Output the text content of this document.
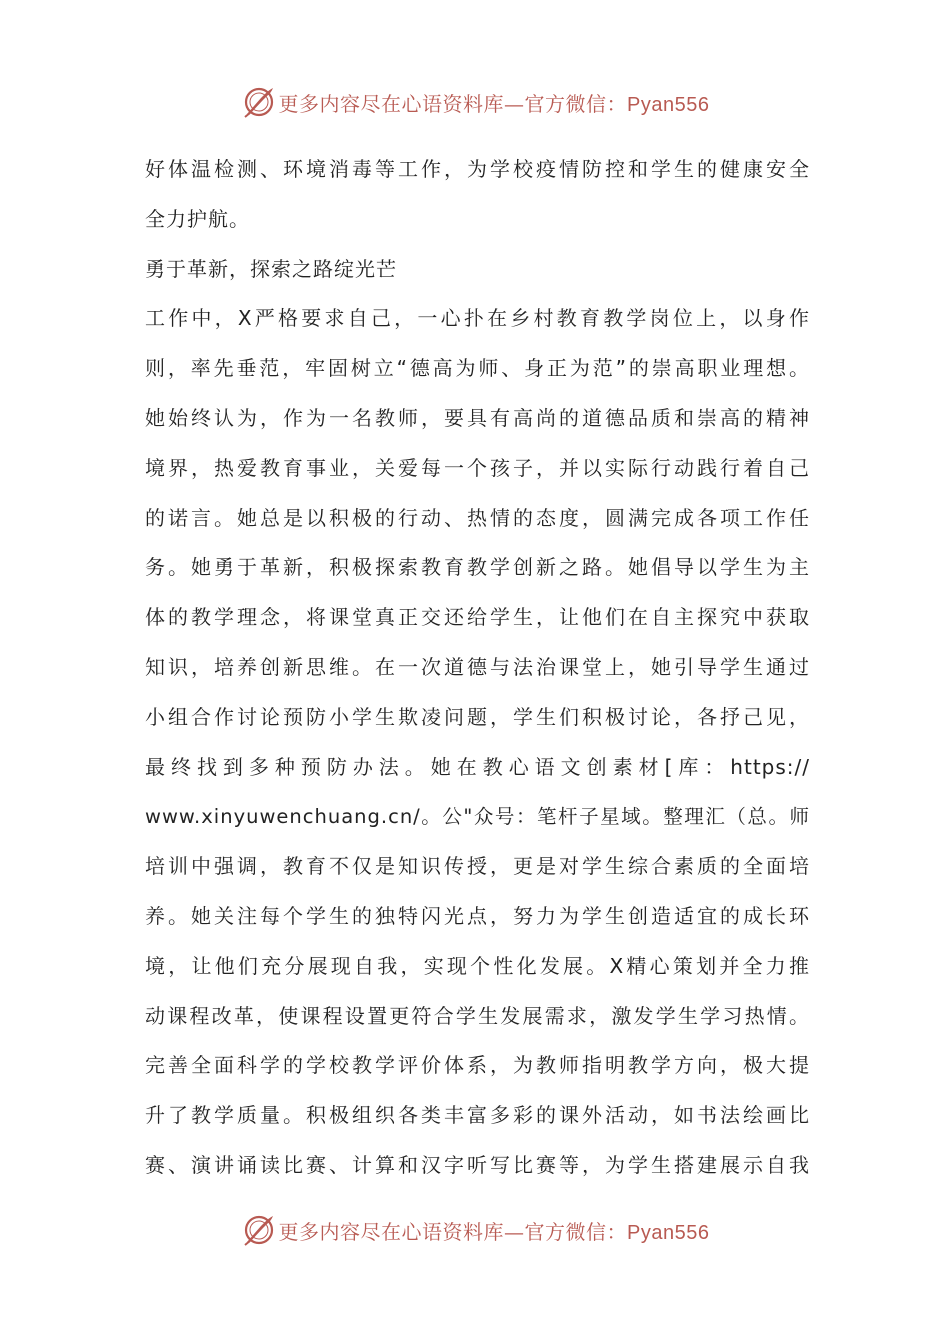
更多内容尽在心语资料库—官方微信：Pyan556
好体温检测、环境消毒等工作，为学校疫情防控和学生的健康安全
全力护航。
勇于革新，探索之路绽光芒
工作中，X严格要求自己，一心扑在乡村教育教学岗位上，以身作
则，率先垂范，牢固树立“德高为师、身正为范”的崇高职业理想。
她始终认为，作为一名教师，要具有高尚的道德品质和崇高的精神
境界，热爱教育事业，关爱每一个孩子，并以实际行动践行着自己
的诺言。她总是以积极的行动、热情的态度，圆满完成各项工作任
务。她勇于革新，积极探索教育教学创新之路。她倡导以学生为主
体的教学理念，将课堂真正交还给学生，让他们在自主探究中获取
知识，培养创新思维。在一次道德与法治课堂上，她引导学生通过
小组合作讨论预防小学生欺凌问题，学生们积极讨论，各抒己见，
最终找到多种预防办法。她在教心语文创素材[库：https://
www.xinyuwenchuang.cn/。公"众号：笔杆子星域。整理汇（总。师
培训中强调，教育不仅是知识传授，更是对学生综合素质的全面培
养。她关注每个学生的独特闪光点，努力为学生创造适宜的成长环
境，让他们充分展现自我，实现个性化发展。X精心策划并全力推
动课程改革，使课程设置更符合学生发展需求，激发学生学习热情。
完善全面科学的学校教学评价体系，为教师指明教学方向，极大提
升了教学质量。积极组织各类丰富多彩的课外活动，如书法绘画比
赛、演讲诵读比赛、计算和汉字听写比赛等，为学生搭建展示自我
更多内容尽在心语资料库—官方微信：Pyan556
